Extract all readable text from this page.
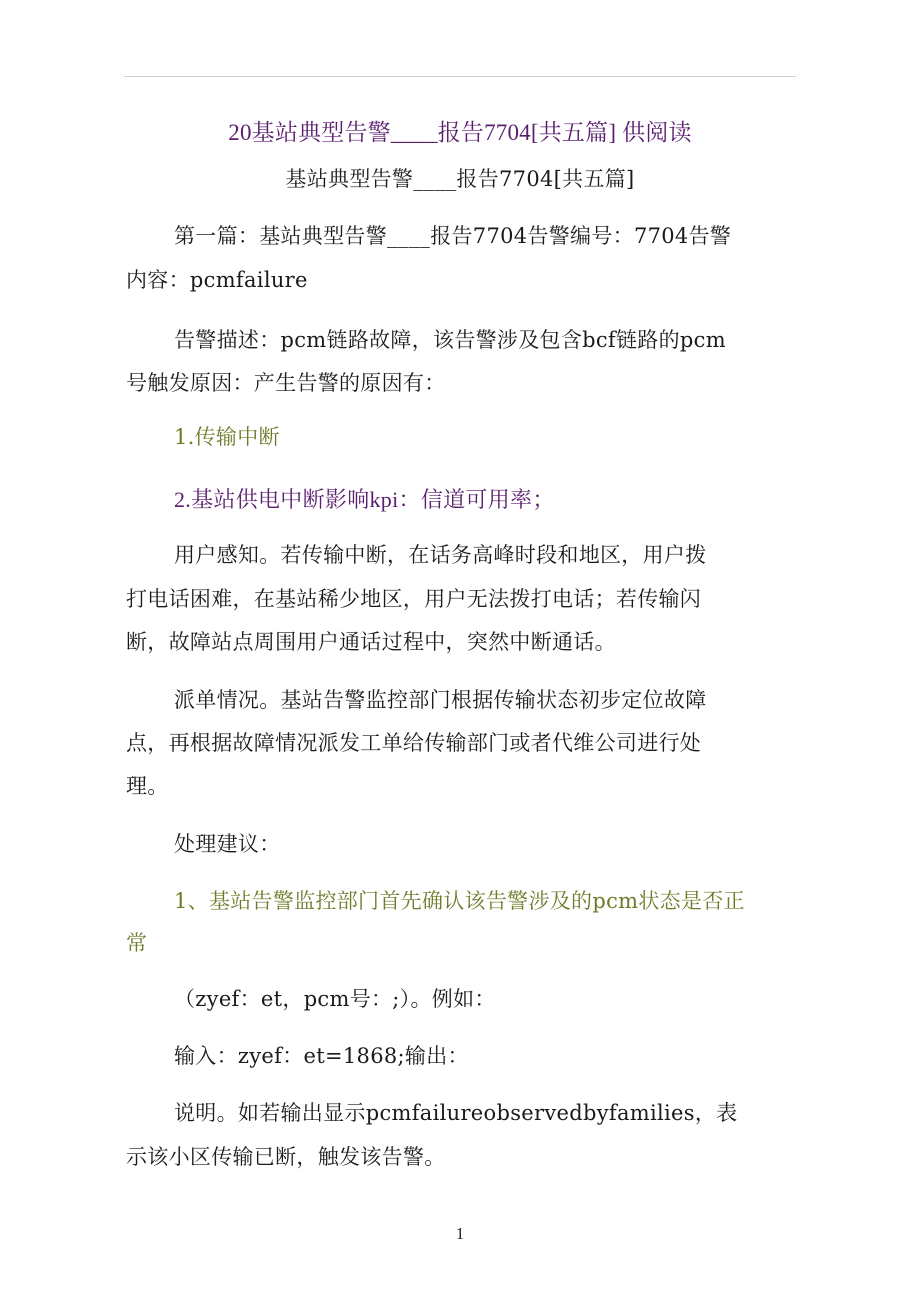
20基站典型告警____报告7704[共五篇] 供阅读
基站典型告警____报告7704[共五篇]
第一篇：基站典型告警____报告7704告警编号：7704告警
内容：pcmfailure
告警描述：pcm链路故障，该告警涉及包含bcf链路的pcm
号触发原因：产生告警的原因有：
1.传输中断
2.基站供电中断影响kpi：信道可用率；
用户感知。若传输中断，在话务高峰时段和地区，用户拨
打电话困难，在基站稀少地区，用户无法拨打电话；若传输闪
断，故障站点周围用户通话过程中，突然中断通话。
派单情况。基站告警监控部门根据传输状态初步定位故障
点，再根据故障情况派发工单给传输部门或者代维公司进行处
理。
处理建议：
1、基站告警监控部门首先确认该告警涉及的pcm状态是否正
常
（zyef：et，pcm号：;）。例如：
输入：zyef：et=1868;输出：
说明。如若输出显示pcmfailureobservedbyfamilies，表
示该小区传输已断，触发该告警。
1
